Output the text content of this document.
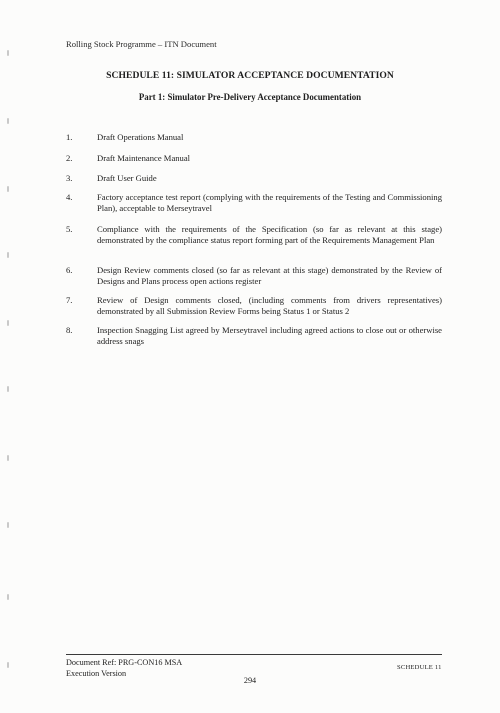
Rolling Stock Programme – ITN Document
SCHEDULE 11: SIMULATOR ACCEPTANCE DOCUMENTATION
Part 1: Simulator Pre-Delivery Acceptance Documentation
1.	Draft Operations Manual
2.	Draft Maintenance Manual
3.	Draft User Guide
4.	Factory acceptance test report (complying with the requirements of the Testing and Commissioning Plan), acceptable to Merseytravel
5.	Compliance with the requirements of the Specification (so far as relevant at this stage) demonstrated by the compliance status report forming part of the Requirements Management Plan
6.	Design Review comments closed (so far as relevant at this stage) demonstrated by the Review of Designs and Plans process open actions register
7.	Review of Design comments closed, (including comments from drivers representatives) demonstrated by all Submission Review Forms being Status 1 or Status 2
8.	Inspection Snagging List agreed by Merseytravel including agreed actions to close out or otherwise address snags
Document Ref: PRG-CON16 MSA
Execution Version
294
SCHEDULE 11
